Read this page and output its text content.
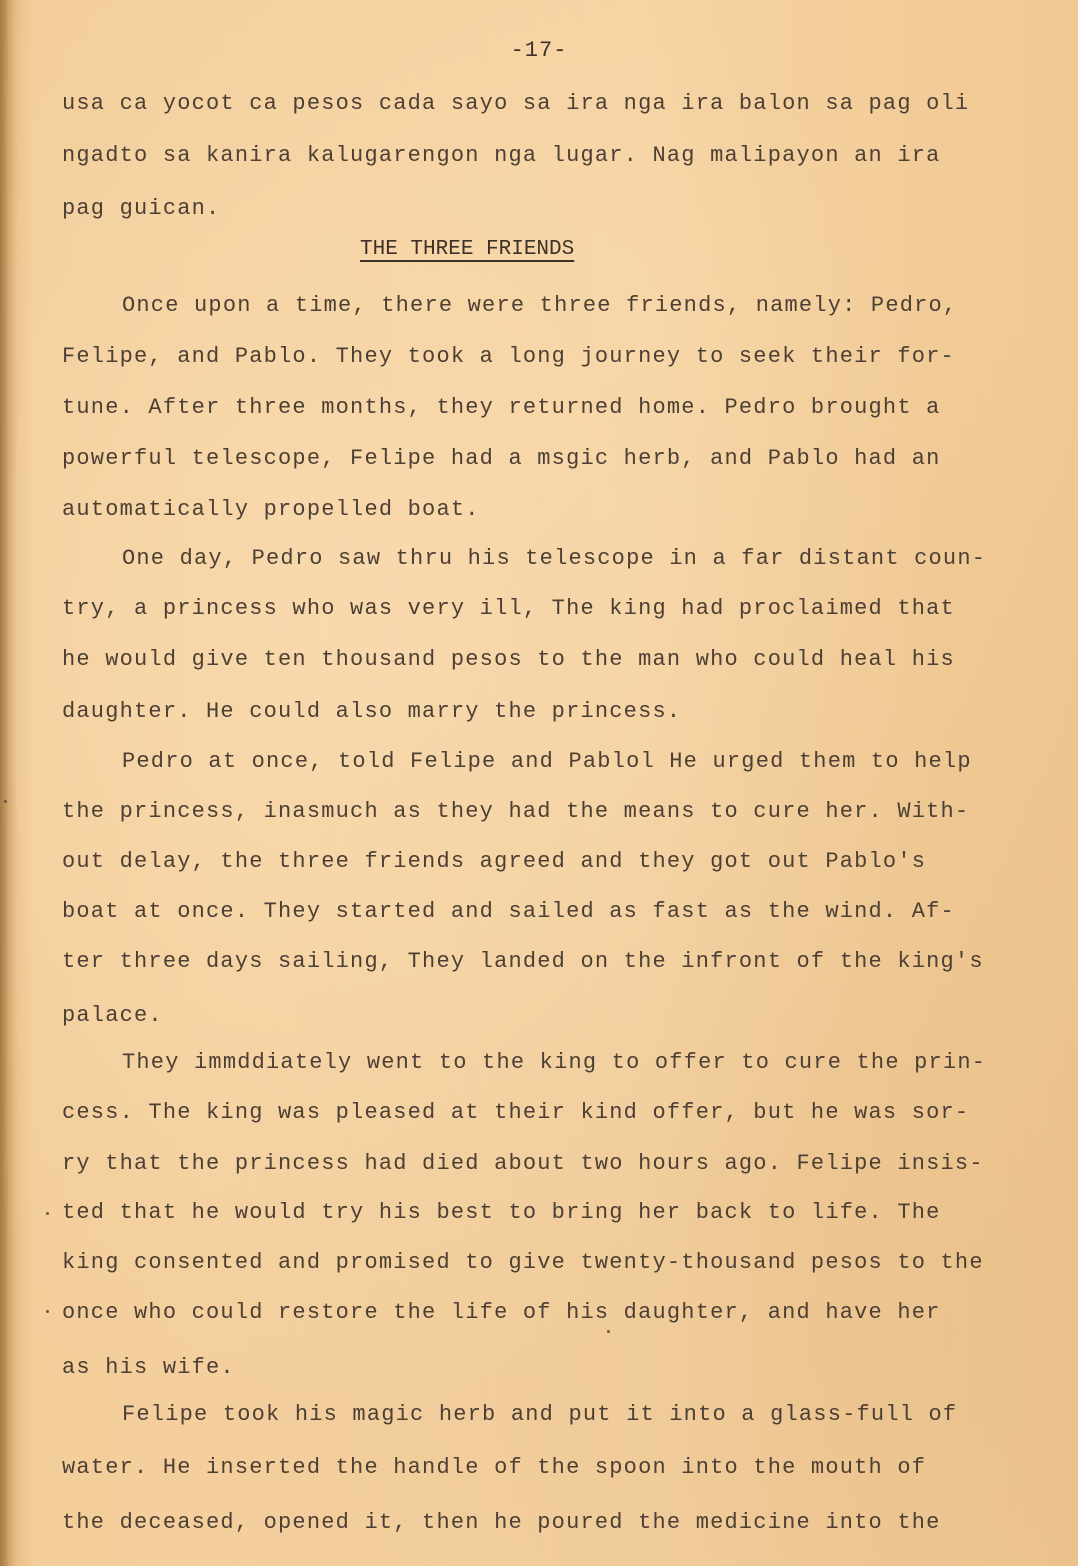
-17-
THE THREE FRIENDS
usa ca yocot ca pesos cada sayo sa ira nga ira balon sa pag oli
ngadto sa kanira kalugarengon nga lugar. Nag malipayon an ira
pag guican.
Once upon a time, there were three friends, namely: Pedro,
Felipe, and Pablo. They took a long journey to seek their for-
tune. After three months, they returned home. Pedro brought a
powerful telescope, Felipe had a msgic herb, and Pablo had an
automatically propelled boat.
One day, Pedro saw thru his telescope in a far distant coun-
try, a princess who was very ill, The king had proclaimed that
he would give ten thousand pesos to the man who could heal his
daughter. He could also marry the princess.
Pedro at once, told Felipe and Pablol He urged them to help
the princess, inasmuch as they had the means to cure her. With-
out delay, the three friends agreed and they got out Pablo's
boat at once. They started and sailed as fast as the wind. Af-
ter three days sailing, They landed on the infront of the king's
palace.
They immddiately went to the king to offer to cure the prin-
cess. The king was pleased at their kind offer, but he was sor-
ry that the princess had died about two hours ago. Felipe insis-
ted that he would try his best to bring her back to life. The
king consented and promised to give twenty-thousand pesos to the
once who could restore the life of his daughter, and have her
as his wife.
Felipe took his magic herb and put it into a glass-full of
water. He inserted the handle of the spoon into the mouth of
the deceased, opened it, then he poured the medicine into the
